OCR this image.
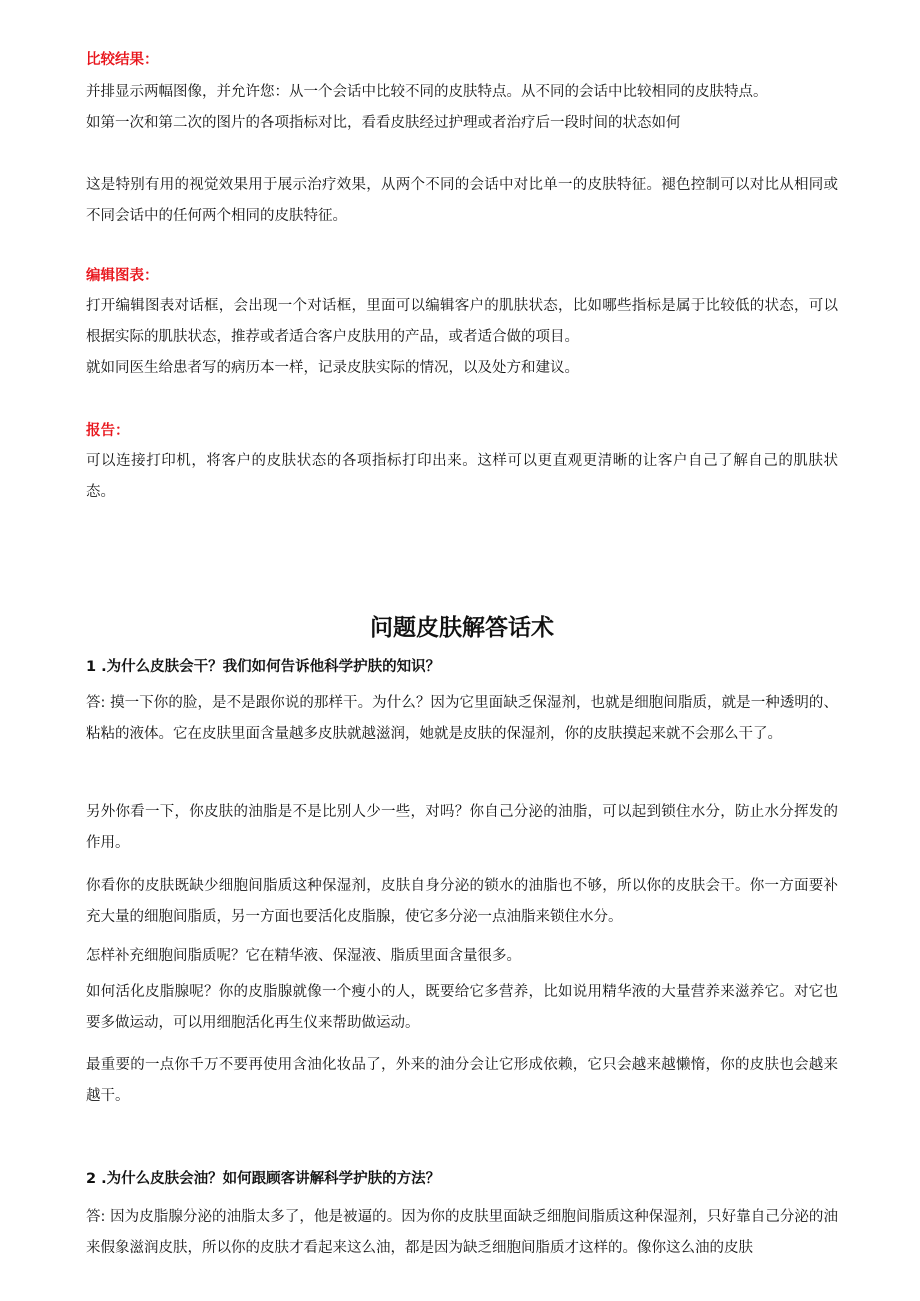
比较结果：

并排显示两幅图像，并允许您：从一个会话中比较不同的皮肤特点。从不同的会话中比较相同的皮肤特点。

如第一次和第二次的图片的各项指标对比，看看皮肤经过护理或者治疗后一段时间的状态如何

这是特别有用的视觉效果用于展示治疗效果，从两个不同的会话中对比单一的皮肤特征。褪色控制可以对比从相同或不同会话中的任何两个相同的皮肤特征。

编辑图表：

打开编辑图表对话框，会出现一个对话框，里面可以编辑客户的肌肤状态，比如哪些指标是属于比较低的状态，可以根据实际的肌肤状态，推荐或者适合客户皮肤用的产品，或者适合做的项目。

就如同医生给患者写的病历本一样，记录皮肤实际的情况，以及处方和建议。

报告：

可以连接打印机，将客户的皮肤状态的各项指标打印出来。这样可以更直观更清晰的让客户自己了解自己的肌肤状态。

问题皮肤解答话术

1 .为什么皮肤会干？我们如何告诉他科学护肤的知识？

答: 摸一下你的脸，是不是跟你说的那样干。为什么？因为它里面缺乏保湿剂，也就是细胞间脂质，就是一种透明的、粘粘的液体。它在皮肤里面含量越多皮肤就越滋润，她就是皮肤的保湿剂，你的皮肤摸起来就不会那么干了。

另外你看一下，你皮肤的油脂是不是比别人少一些，对吗？你自己分泌的油脂，可以起到锁住水分，防止水分挥发的作用。

你看你的皮肤既缺少细胞间脂质这种保湿剂，皮肤自身分泌的锁水的油脂也不够，所以你的皮肤会干。你一方面要补充大量的细胞间脂质，另一方面也要活化皮脂腺，使它多分泌一点油脂来锁住水分。

怎样补充细胞间脂质呢？它在精华液、保湿液、脂质里面含量很多。

如何活化皮脂腺呢？你的皮脂腺就像一个瘦小的人，既要给它多营养，比如说用精华液的大量营养来滋养它。对它也要多做运动，可以用细胞活化再生仪来帮助做运动。

最重要的一点你千万不要再使用含油化妆品了，外来的油分会让它形成依赖，它只会越来越懒惰，你的皮肤也会越来越干。

2 .为什么皮肤会油？如何跟顾客讲解科学护肤的方法？

答: 因为皮脂腺分泌的油脂太多了，他是被逼的。因为你的皮肤里面缺乏细胞间脂质这种保湿剂，只好靠自己分泌的油来假象滋润皮肤，所以你的皮肤才看起来这么油，都是因为缺乏细胞间脂质才这样的。像你这么油的皮肤
